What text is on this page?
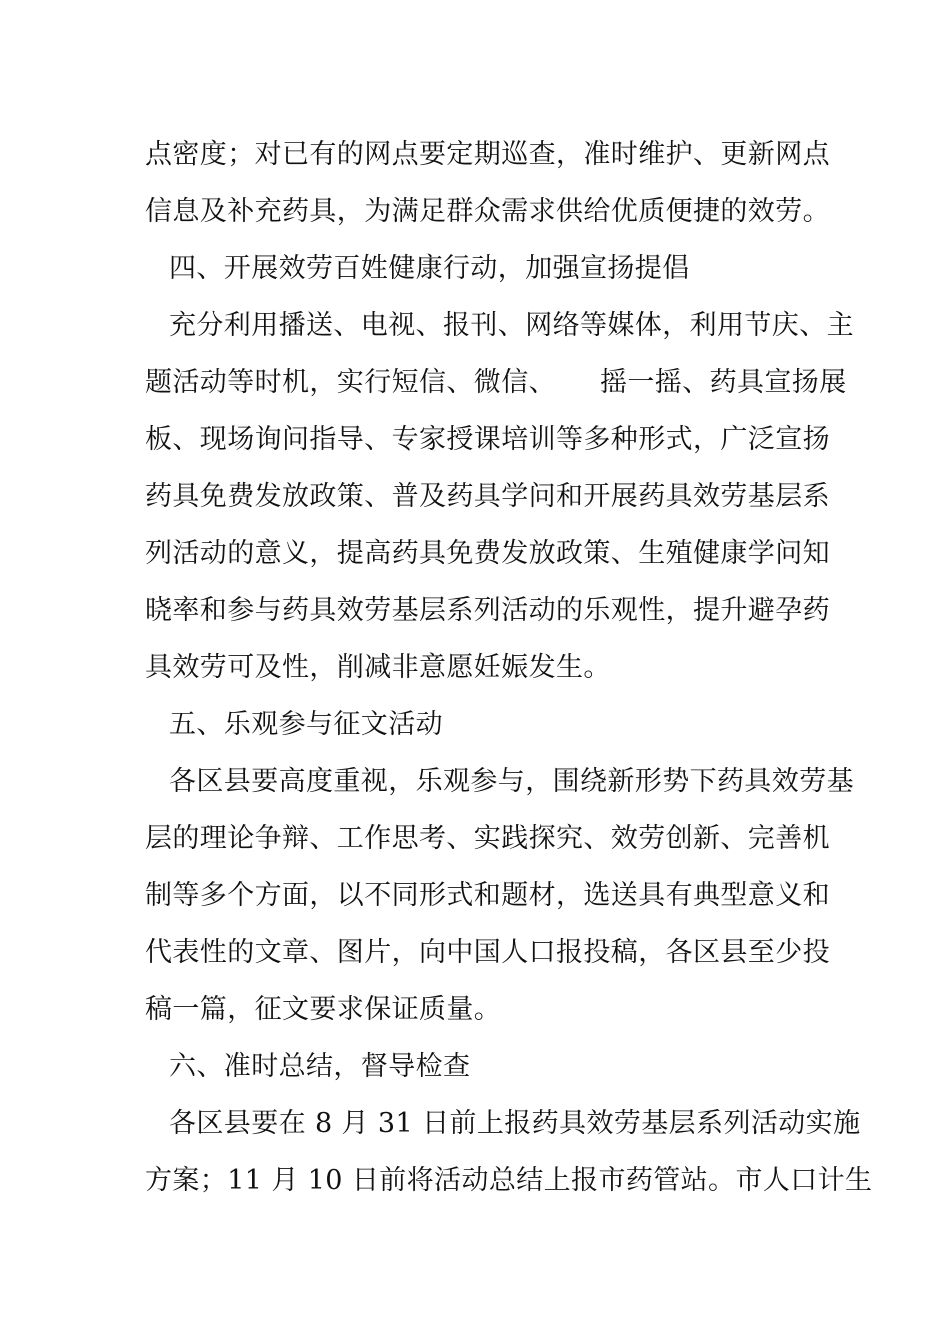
点密度；对已有的网点要定期巡查，准时维护、更新网点
信息及补充药具，为满足群众需求供给优质便捷的效劳。
四、开展效劳百姓健康行动，加强宣扬提倡
充分利用播送、电视、报刊、网络等媒体，利用节庆、主
题活动等时机，实行短信、微信、 摇一摇、药具宣扬展
板、现场询问指导、专家授课培训等多种形式，广泛宣扬
药具免费发放政策、普及药具学问和开展药具效劳基层系
列活动的意义，提高药具免费发放政策、生殖健康学问知
晓率和参与药具效劳基层系列活动的乐观性，提升避孕药
具效劳可及性，削减非意愿妊娠发生。
五、乐观参与征文活动
各区县要高度重视，乐观参与，围绕新形势下药具效劳基
层的理论争辩、工作思考、实践探究、效劳创新、完善机
制等多个方面，以不同形式和题材，选送具有典型意义和
代表性的文章、图片，向中国人口报投稿，各区县至少投
稿一篇，征文要求保证质量。
六、准时总结，督导检查
各区县要在 8 月 31 日前上报药具效劳基层系列活动实施
方案；11 月 10 日前将活动总结上报市药管站。市人口计生
